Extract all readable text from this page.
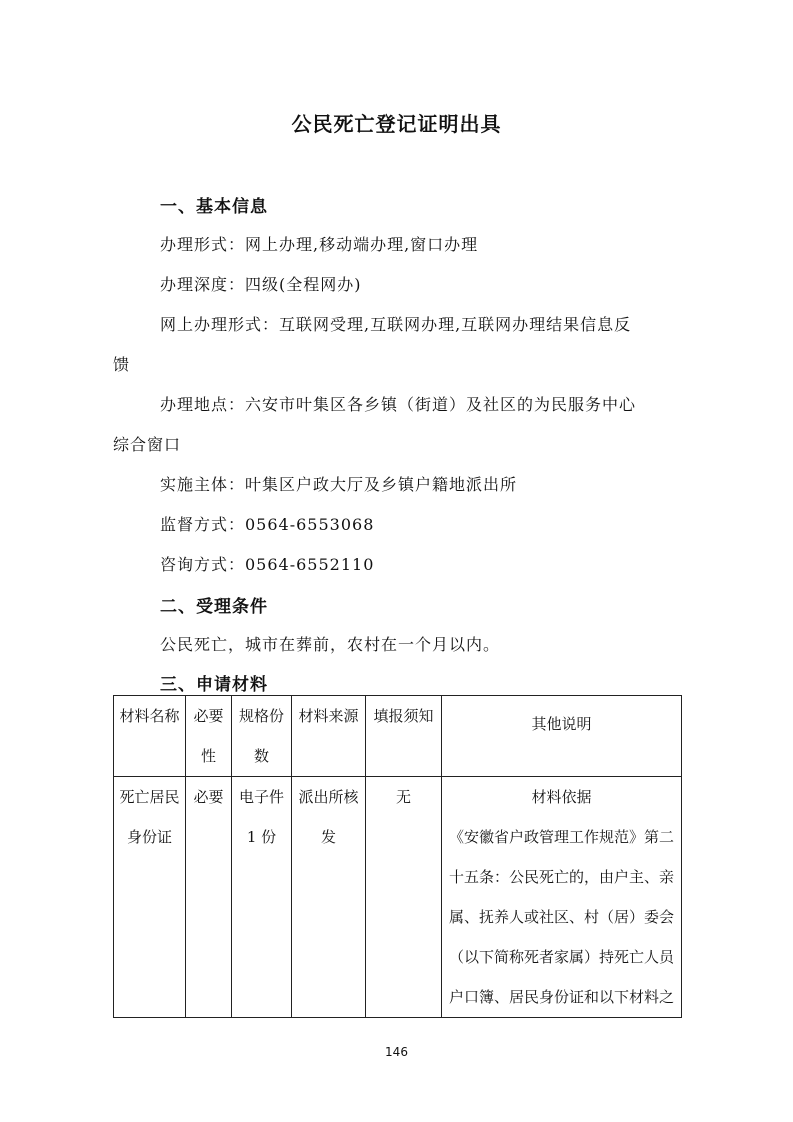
公民死亡登记证明出具
一、基本信息
办理形式：网上办理,移动端办理,窗口办理
办理深度：四级(全程网办)
网上办理形式：互联网受理,互联网办理,互联网办理结果信息反
馈
办理地点：六安市叶集区各乡镇（街道）及社区的为民服务中心
综合窗口
实施主体：叶集区户政大厅及乡镇户籍地派出所
监督方式：0564-6553068
咨询方式：0564-6552110
二、受理条件
公民死亡，城市在葬前，农村在一个月以内。
三、申请材料
材料名称	必要性	规格份数	材料来源	填报须知	其他说明
死亡居民身份证	必要	电子件 1 份	派出所核发	无	材料依据
《安徽省户政管理工作规范》第二十五条：公民死亡的，由户主、亲属、抚养人或社区、村（居）委会（以下简称死者家属）持死亡人员户口簿、居民身份证和以下材料之
146
